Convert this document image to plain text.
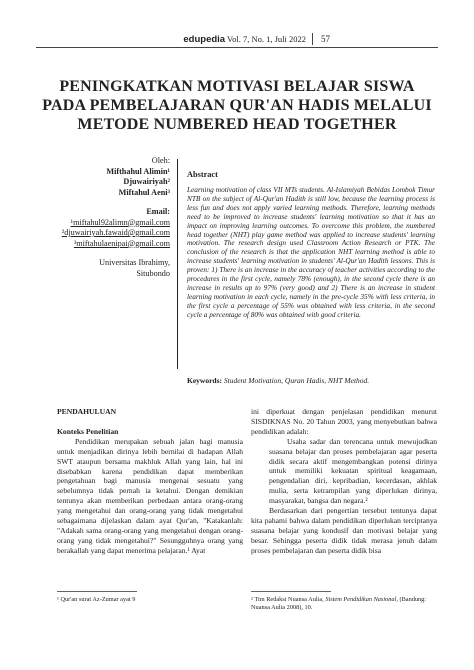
edupedia Vol. 7, No. 1, Juli 2022 57
PENINGKATKAN MOTIVASI BELAJAR SISWA PADA PEMBELAJARAN QUR'AN HADIS MELALUI METODE NUMBERED HEAD TOGETHER

Oleh:

Mifthahul Alimin¹

Djuwairiyah²

Miftahul Aeni³

Email:

¹miftahul92alimn@gmail.com

²djuwairiyah.fawaid@gmail.com

³miftahulaenipai@gmail.com

Universitas Ibrahimy,

Situbondo

Abstract
Learning motivation of class VII MTs students. Al-Islamiyah Bebidas Lombok Timur NTB on the subject of Al-Qur'an Hadith is still low, because the learning process is less fun and does not apply varied learning methods. Therefore, learning methods need to be improved to increase students' learning motivation so that it has an impact on improving learning outcomes. To overcome this problem, the numbered head together (NHT) play game method was applied to increase students' learning motivation. The research design used Classroom Action Research or PTK. The conclusion of the research is that the application NHT learning method is able to increase students' learning motivation in students' Al-Qur'an Hadith lessons. This is proven: 1) There is an increase in the accuracy of teacher activities according to the procedures in the first cycle, namely 78% (enough), in the second cycle there is an increase in results up to 97% (very good) and 2) There is an increase in student learning motivation in each cycle, namely in the pre-cycle 35% with less criteria, in the first cycle a percentage of 55% was obtained with less criteria, in the second cycle a percentage of 80% was obtained with good criteria.
Keywords: Student Motivation, Quran Hadis, NHT Method.

PENDAHULUAN

Konteks Penelitian

Pendidikan merupakan sebuah jalan bagi manusia untuk menjadikan dirinya lebih bernilai di hadapan Allah SWT ataupun bersama makhluk Allah yang lain, hal ini disebabkan karena pendidikan dapat memberikan pengetahuan bagi manusia mengenai sesuatu yang sebelumnya tidak pernah ia ketahui. Dengan demikian tentunya akan memberikan perbedaan antara orang-orang yang mengetahui dan orang-orang yang tidak mengetahui sebagaimana dijelaskan dalam ayat Qur'an, "Katakanlah: "Adakah sama orang-orang yang mengetahui dengan orang-orang yang tidak mengetahui?" Sesungguhnya orang yang berakallah yang dapat menerima pelajaran.¹ Ayat

¹ Qur'an surat Az-Zumar ayat 9

ini diperkuat dengan penjelasan pendidikan menurut SISDIKNAS No. 20 Tahun 2003, yang menyebutkan bahwa pendidikan adalah:

Usaha sadar dan terencana untuk mewujudkan suasana belajar dan proses pembelajaran agar peserta didik secara aktif mengembangkan potensi dirinya untuk memiliki kekuatan spiritual keagamaan, pengendalian diri, kepribadian, kecerdasan, akhlak mulia, serta ketrampilan yang diperlukan dirinya, masyarakat, bangsa dan negara.²

Berdasarkan dari pengertian tersebut tentunya dapat kita pahami bahwa dalam pendidikan diperlukan terciptanya suasana belajar yang kondusif dan motivasi belajar yang besar. Sehingga peserta didik tidak merasa jenuh dalam proses pembelajaran dan peserta didik bisa

² Tim Redaksi Nuansa Aulia, Sistem Pendidikan Nasional, (Bandung: Nuansa Aulia 2008), 10.
